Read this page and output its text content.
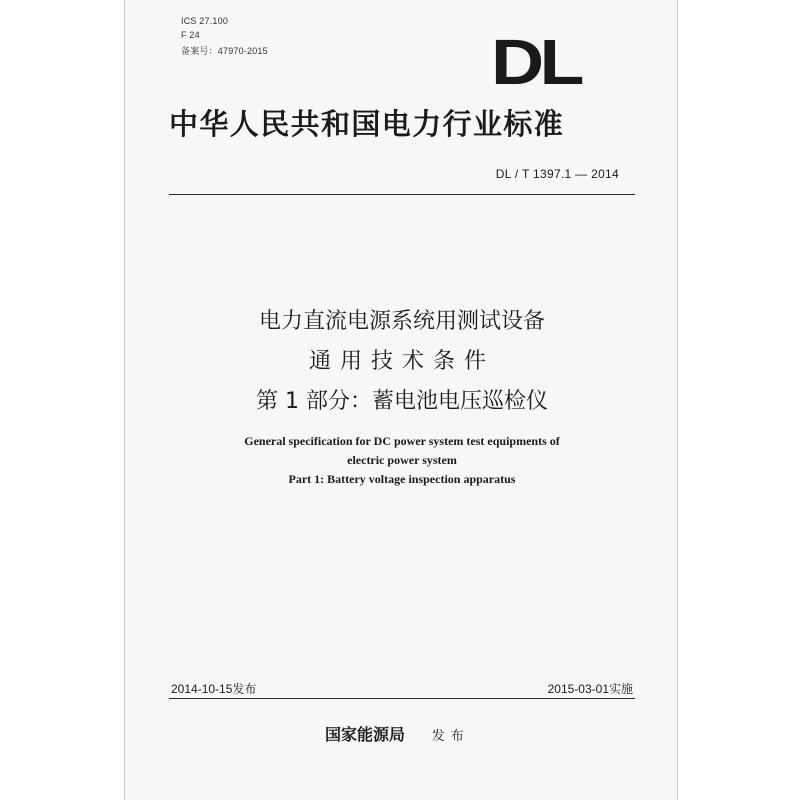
ICS 27.100
F 24
备案号：47970-2015	DL
中华人民共和国电力行业标准
DL / T 1397.1 — 2014
电力直流电源系统用测试设备
通用技术条件
第 1 部分：蓄电池电压巡检仪
General specification for DC power system test equipments of
electric power system
Part 1: Battery voltage inspection apparatus
2014-10-15发布	2015-03-01实施
国家能源局 发布
